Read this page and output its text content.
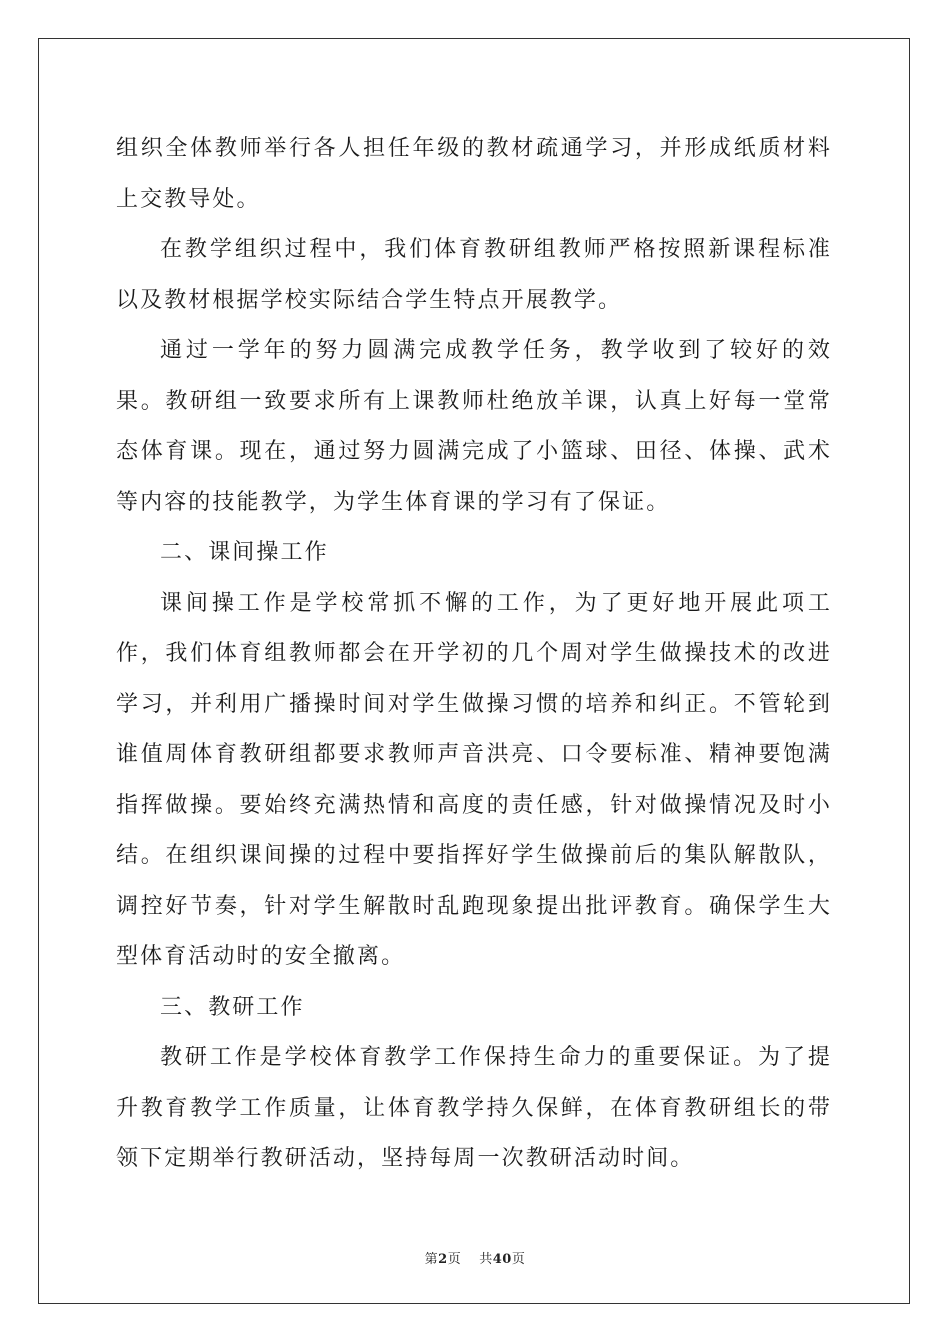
组织全体教师举行各人担任年级的教材疏通学习，并形成纸质材料上交教导处。

在教学组织过程中，我们体育教研组教师严格按照新课程标准以及教材根据学校实际结合学生特点开展教学。

通过一学年的努力圆满完成教学任务，教学收到了较好的效果。教研组一致要求所有上课教师杜绝放羊课，认真上好每一堂常态体育课。现在，通过努力圆满完成了小篮球、田径、体操、武术等内容的技能教学，为学生体育课的学习有了保证。

二、课间操工作

课间操工作是学校常抓不懈的工作，为了更好地开展此项工作，我们体育组教师都会在开学初的几个周对学生做操技术的改进学习，并利用广播操时间对学生做操习惯的培养和纠正。不管轮到谁值周体育教研组都要求教师声音洪亮、口令要标准、精神要饱满指挥做操。要始终充满热情和高度的责任感，针对做操情况及时小结。在组织课间操的过程中要指挥好学生做操前后的集队解散队，调控好节奏，针对学生解散时乱跑现象提出批评教育。确保学生大型体育活动时的安全撤离。

三、教研工作

教研工作是学校体育教学工作保持生命力的重要保证。为了提升教育教学工作质量，让体育教学持久保鲜，在体育教研组长的带领下定期举行教研活动，坚持每周一次教研活动时间。

第2页 共40页
